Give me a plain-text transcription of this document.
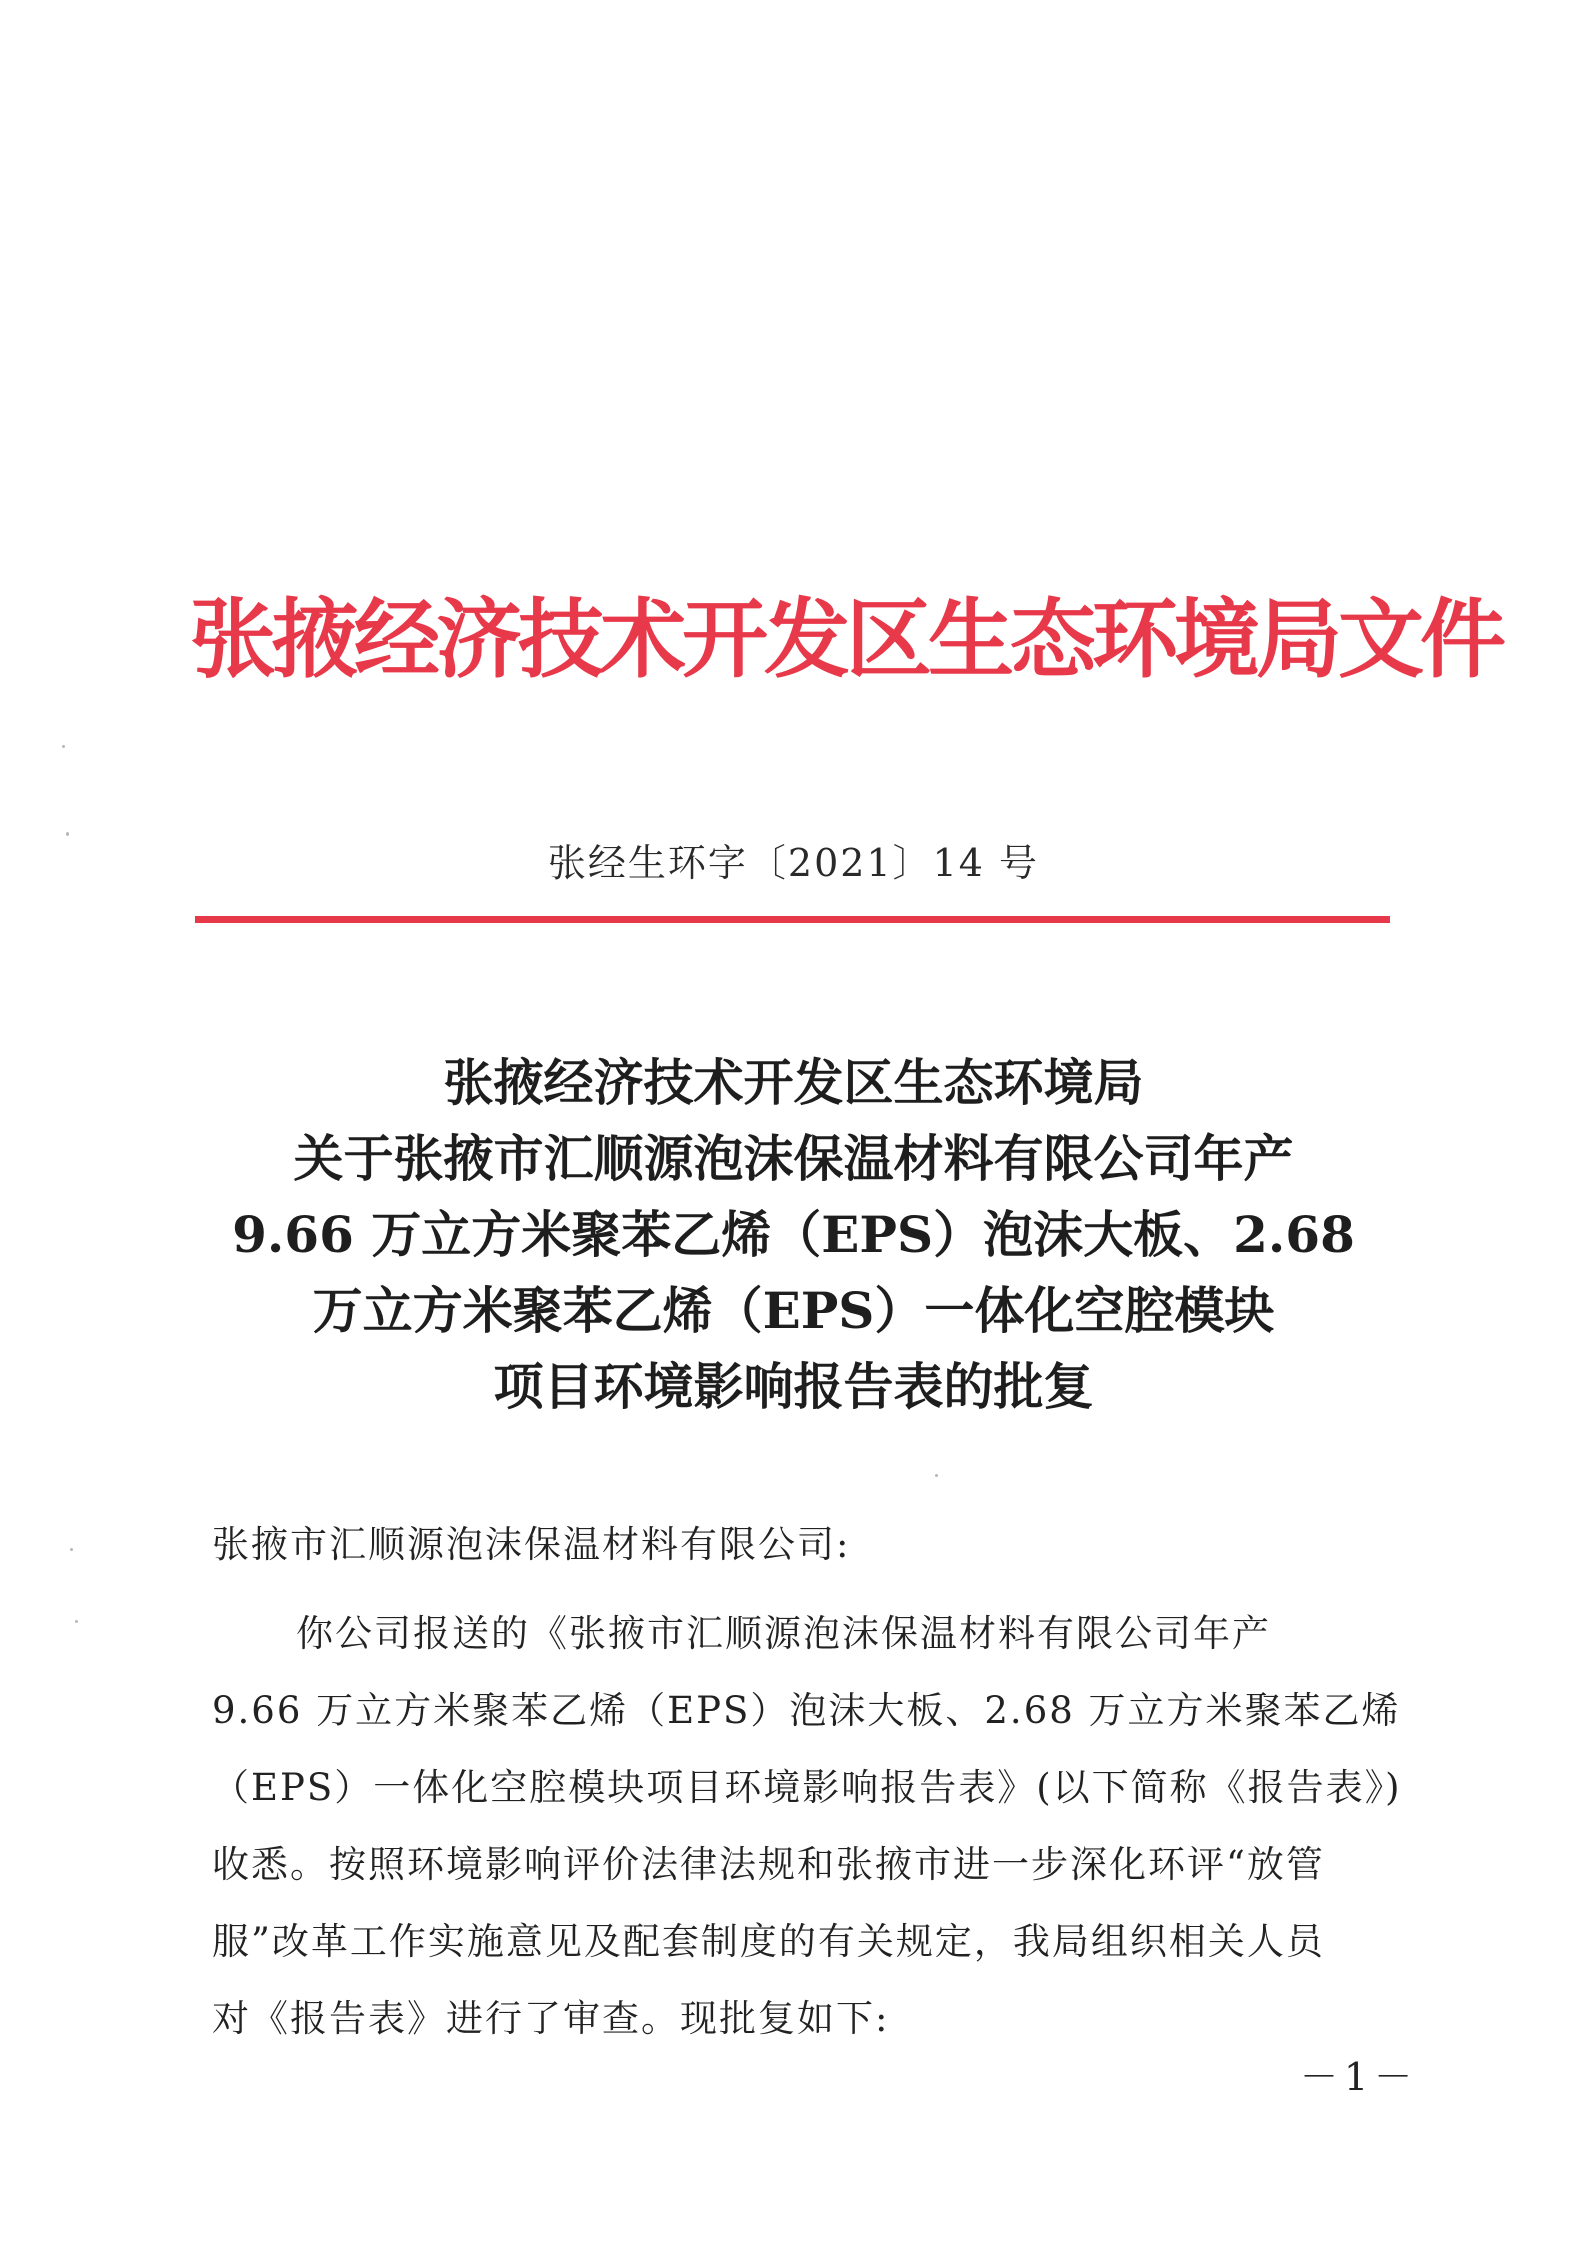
张掖经济技术开发区生态环境局文件
张经生环字〔2021〕14 号
张掖经济技术开发区生态环境局
关于张掖市汇顺源泡沫保温材料有限公司年产
9.66 万立方米聚苯乙烯（EPS）泡沫大板、2.68
万立方米聚苯乙烯（EPS）一体化空腔模块
项目环境影响报告表的批复
张掖市汇顺源泡沫保温材料有限公司:
你公司报送的《张掖市汇顺源泡沫保温材料有限公司年产
9.66 万立方米聚苯乙烯（EPS）泡沫大板、2.68 万立方米聚苯乙烯
（EPS）一体化空腔模块项目环境影响报告表》(以下简称《报告表》)
收悉。按照环境影响评价法律法规和张掖市进一步深化环评“放管
服”改革工作实施意见及配套制度的有关规定，我局组织相关人员
对《报告表》进行了审查。现批复如下:
－1－
